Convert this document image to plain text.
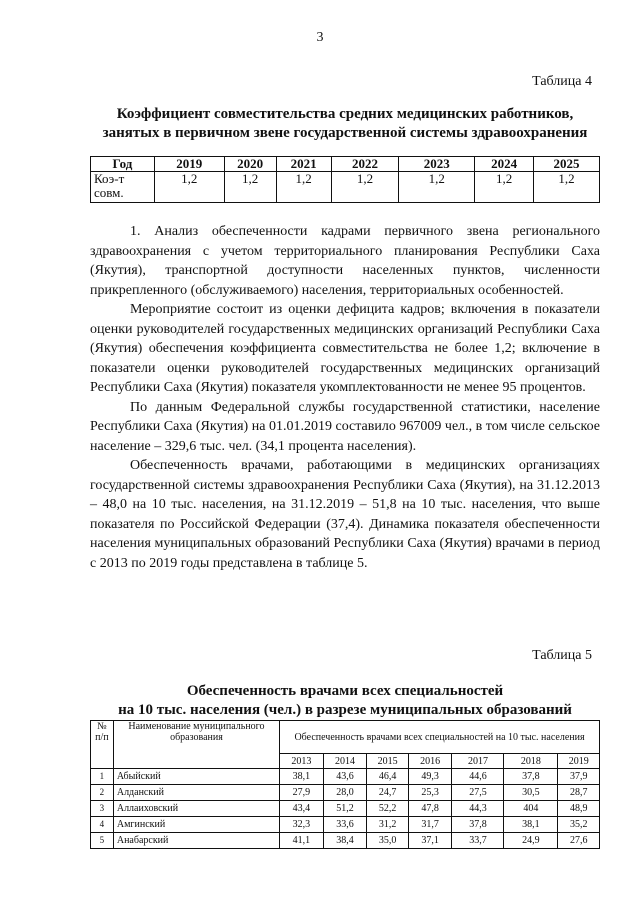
3
Таблица 4
Коэффициент совместительства средних медицинских работников,
занятых в первичном звене государственной системы здравоохранения
Год	2019	2020	2021	2022	2023	2024	2025
Коэ-т совм.	1,2	1,2	1,2	1,2	1,2	1,2	1,2

1. Анализ обеспеченности кадрами первичного звена регионального здравоохранения с учетом территориального планирования Республики Саха (Якутия), транспортной доступности населенных пунктов, численности прикрепленного (обслуживаемого) населения, территориальных особенностей.

Мероприятие состоит из оценки дефицита кадров; включения в показатели оценки руководителей государственных медицинских организаций Республики Саха (Якутия) обеспечения коэффициента совместительства не более 1,2; включение в показатели оценки руководителей государственных медицинских организаций Республики Саха (Якутия) показателя укомплектованности не менее 95 процентов.

По данным Федеральной службы государственной статистики, население Республики Саха (Якутия) на 01.01.2019 составило 967009 чел., в том числе сельское население – 329,6 тыс. чел. (34,1 процента населения).

Обеспеченность врачами, работающими в медицинских организациях государственной системы здравоохранения Республики Саха (Якутия), на 31.12.2013 – 48,0 на 10 тыс. населения, на 31.12.2019 – 51,8 на 10 тыс. населения, что выше показателя по Российской Федерации (37,4). Динамика показателя обеспеченности населения муниципальных образований Республики Саха (Якутия) врачами в период с 2013 по 2019 годы представлена в таблице 5.

Таблица 5
Обеспеченность врачами всех специальностей
на 10 тыс. населения (чел.) в разрезе муниципальных образований
№ п/п	Наименование муниципального образования	Обеспеченность врачами всех специальностей на 10 тыс. населения						
		2013	2014	2015	2016	2017	2018	2019
1	Абыйский	38,1	43,6	46,4	49,3	44,6	37,8	37,9
2	Алданский	27,9	28,0	24,7	25,3	27,5	30,5	28,7
3	Аллаиховский	43,4	51,2	52,2	47,8	44,3	404	48,9
4	Амгинский	32,3	33,6	31,2	31,7	37,8	38,1	35,2
5	Анабарский	41,1	38,4	35,0	37,1	33,7	24,9	27,6
